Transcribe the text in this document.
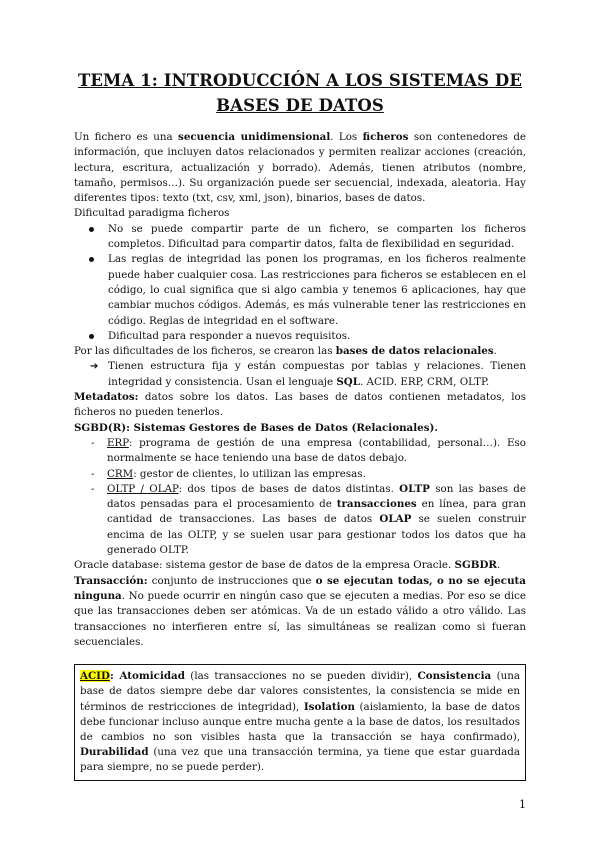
TEMA 1: INTRODUCCIÓN A LOS SISTEMAS DE
BASES DE DATOS

Un fichero es una secuencia unidimensional. Los ficheros son contenedores de información, que incluyen datos relacionados y permiten realizar acciones (creación, lectura, escritura, actualización y borrado). Además, tienen atributos (nombre, tamaño, permisos…). Su organización puede ser secuencial, indexada, aleatoria. Hay diferentes tipos: texto (txt, csv, xml, json), binarios, bases de datos.

Dificultad paradigma ficheros

No se puede compartir parte de un fichero, se comparten los ficheros completos. Dificultad para compartir datos, falta de flexibilidad en seguridad.
Las reglas de integridad las ponen los programas, en los ficheros realmente puede haber cualquier cosa. Las restricciones para ficheros se establecen en el código, lo cual significa que si algo cambia y tenemos 6 aplicaciones, hay que cambiar muchos códigos. Además, es más vulnerable tener las restricciones en código. Reglas de integridad en el software.
Dificultad para responder a nuevos requisitos.

Por las dificultades de los ficheros, se crearon las bases de datos relacionales.

➔ Tienen estructura fija y están compuestas por tablas y relaciones. Tienen integridad y consistencia. Usan el lenguaje SQL. ACID. ERP, CRM, OLTP.

Metadatos: datos sobre los datos. Las bases de datos contienen metadatos, los ficheros no pueden tenerlos.

SGBD(R): Sistemas Gestores de Bases de Datos (Relacionales).

- ERP: programa de gestión de una empresa (contabilidad, personal…). Eso normalmente se hace teniendo una base de datos debajo.
- CRM: gestor de clientes, lo utilizan las empresas.
- OLTP / OLAP: dos tipos de bases de datos distintas. OLTP son las bases de datos pensadas para el procesamiento de transacciones en línea, para gran cantidad de transacciones. Las bases de datos OLAP se suelen construir encima de las OLTP, y se suelen usar para gestionar todos los datos que ha generado OLTP.

Oracle database: sistema gestor de base de datos de la empresa Oracle. SGBDR.

Transacción: conjunto de instrucciones que o se ejecutan todas, o no se ejecuta ninguna. No puede ocurrir en ningún caso que se ejecuten a medias. Por eso se dice que las transacciones deben ser atómicas. Va de un estado válido a otro válido. Las transacciones no interfieren entre sí, las simultáneas se realizan como si fueran secuenciales.

ACID: Atomicidad (las transacciones no se pueden dividir), Consistencia (una base de datos siempre debe dar valores consistentes, la consistencia se mide en términos de restricciones de integridad), Isolation (aislamiento, la base de datos debe funcionar incluso aunque entre mucha gente a la base de datos, los resultados de cambios no son visibles hasta que la transacción se haya confirmado), Durabilidad (una vez que una transacción termina, ya tiene que estar guardada para siempre, no se puede perder).

1
